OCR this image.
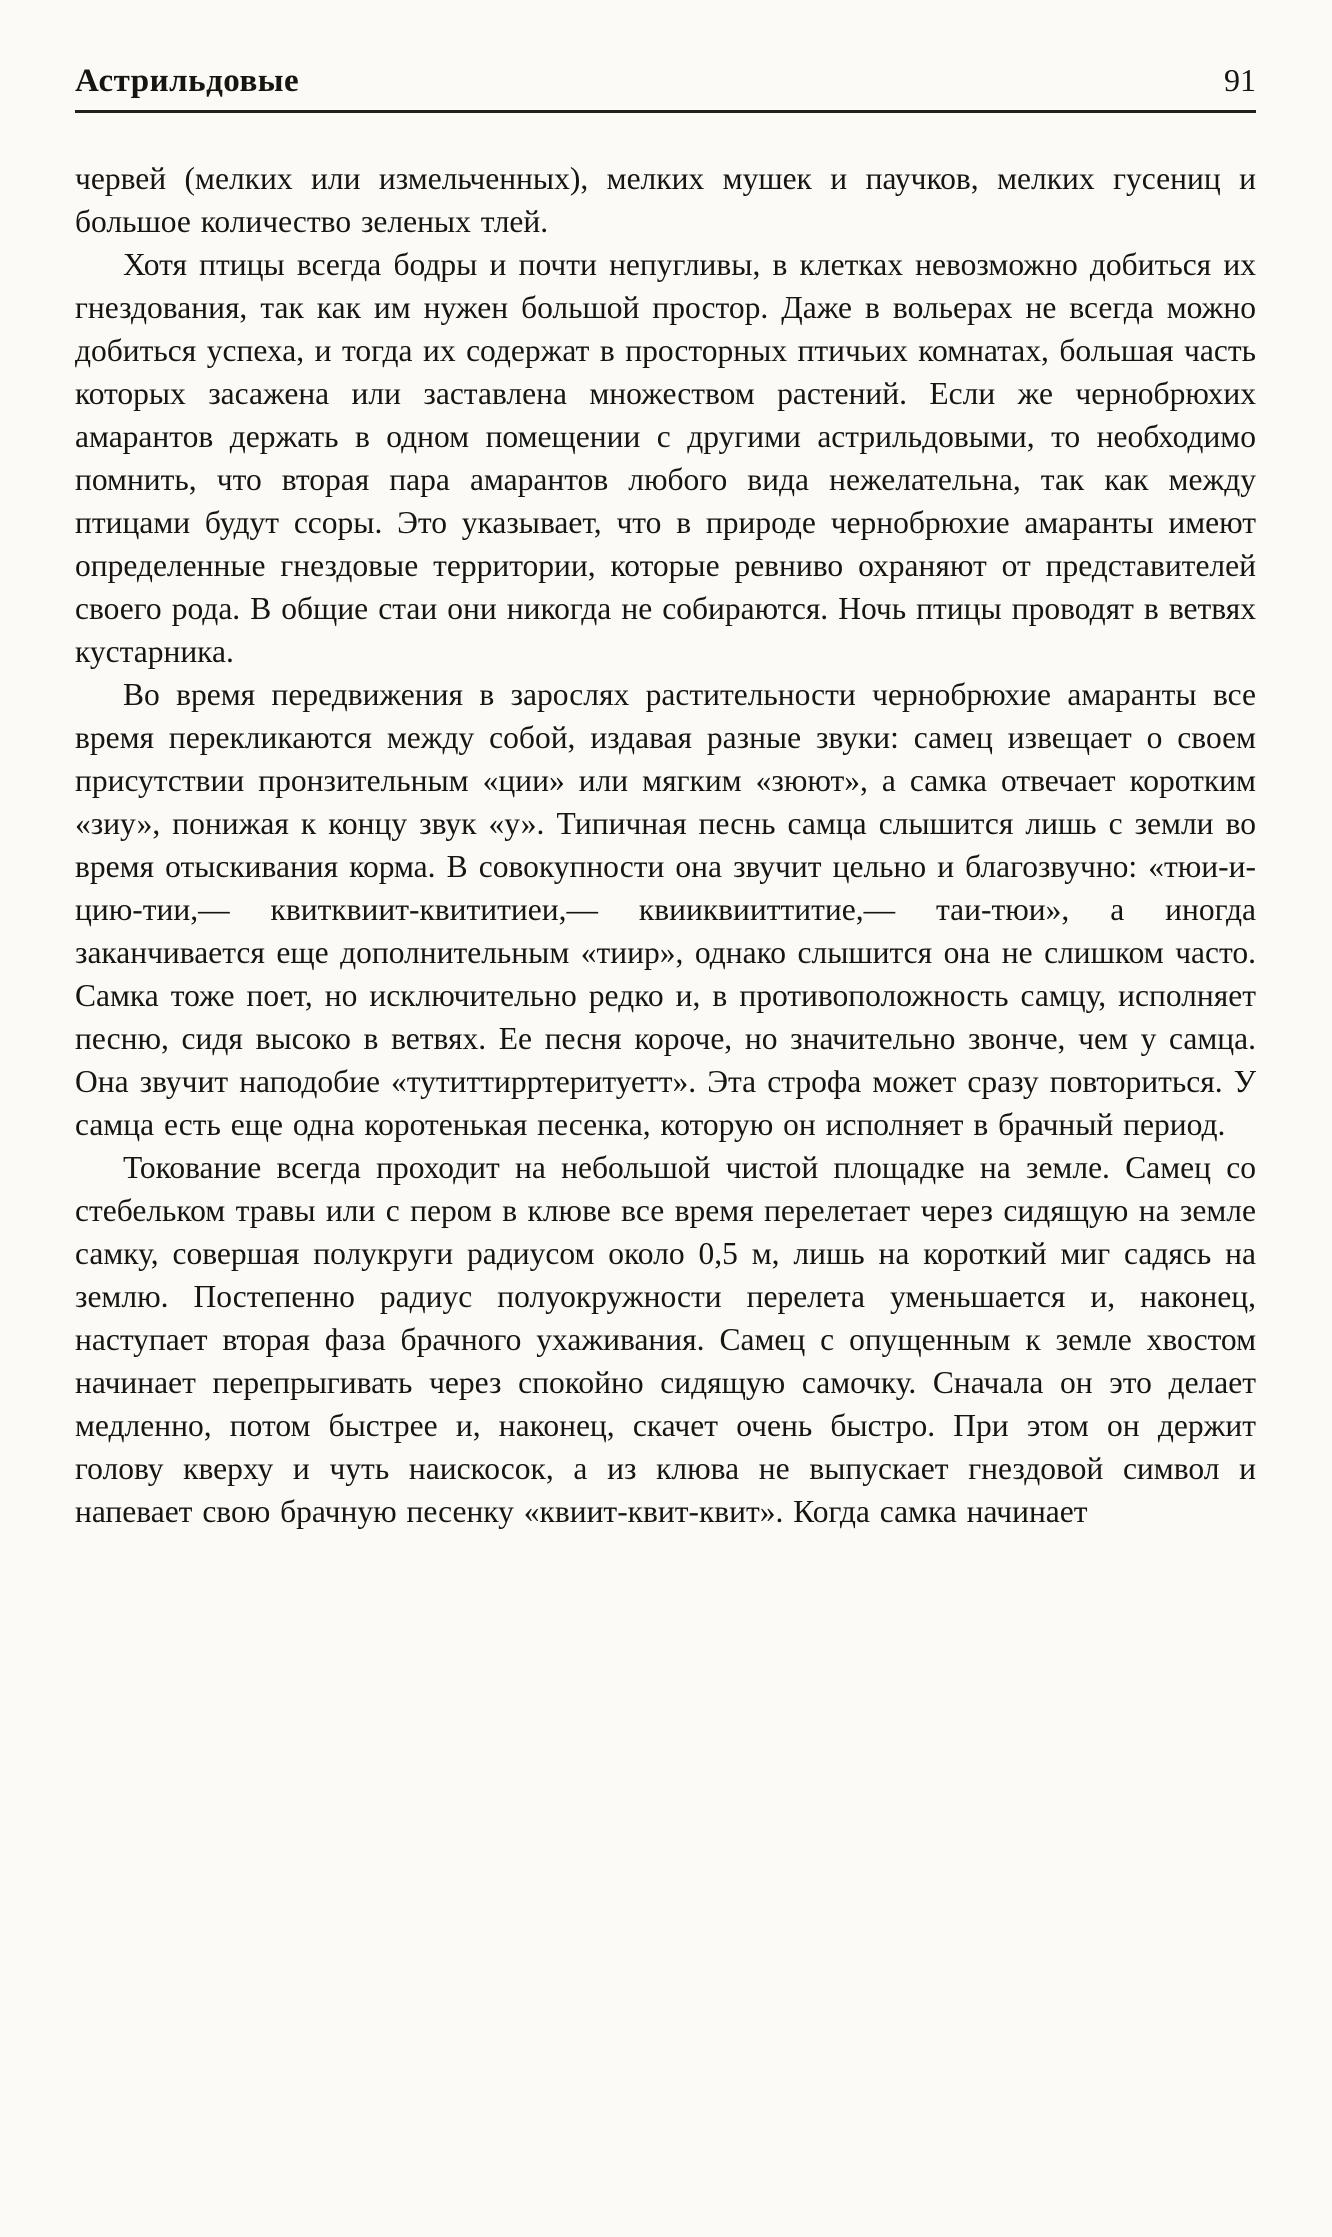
Астрильдовые	91

червей (мелких или измельченных), мелких мушек и паучков, мелких гусениц и большое количество зеленых тлей.

Хотя птицы всегда бодры и почти непугливы, в клетках невозможно добиться их гнездования, так как им нужен большой простор. Даже в вольерах не всегда можно добиться успеха, и тогда их содержат в просторных птичьих комнатах, большая часть которых засажена или заставлена множеством растений. Если же чернобрюхих амарантов держать в одном помещении с другими астрильдовыми, то необходимо помнить, что вторая пара амарантов любого вида нежелательна, так как между птицами будут ссоры. Это указывает, что в природе чернобрюхие амаранты имеют определенные гнездовые территории, которые ревниво охраняют от представителей своего рода. В общие стаи они никогда не собираются. Ночь птицы проводят в ветвях кустарника.

Во время передвижения в зарослях растительности чернобрюхие амаранты все время перекликаются между собой, издавая разные звуки: самец извещает о своем присутствии пронзительным «ции» или мягким «зюют», а самка отвечает коротким «зиу», понижая к концу звук «у». Типичная песнь самца слышится лишь с земли во время отыскивания корма. В совокупности она звучит цельно и благозвучно: «тюи-и-цию-тии,— квитквиит-квититиеи,— квииквииттитие,— таи-тюи», а иногда заканчивается еще дополнительным «тиир», однако слышится она не слишком часто. Самка тоже поет, но исключительно редко и, в противоположность самцу, исполняет песню, сидя высоко в ветвях. Ее песня короче, но значительно звонче, чем у самца. Она звучит наподобие «тутиттирртеритуетт». Эта строфа может сразу повториться. У самца есть еще одна коротенькая песенка, которую он исполняет в брачный период.

Токование всегда проходит на небольшой чистой площадке на земле. Самец со стебельком травы или с пером в клюве все время перелетает через сидящую на земле самку, совершая полукруги радиусом около 0,5 м, лишь на короткий миг садясь на землю. Постепенно радиус полуокружности перелета уменьшается и, наконец, наступает вторая фаза брачного ухаживания. Самец с опущенным к земле хвостом начинает перепрыгивать через спокойно сидящую самочку. Сначала он это делает медленно, потом быстрее и, наконец, скачет очень быстро. При этом он держит голову кверху и чуть наискосок, а из клюва не выпускает гнездовой символ и напевает свою брачную песенку «квиит-квит-квит». Когда самка начинает
